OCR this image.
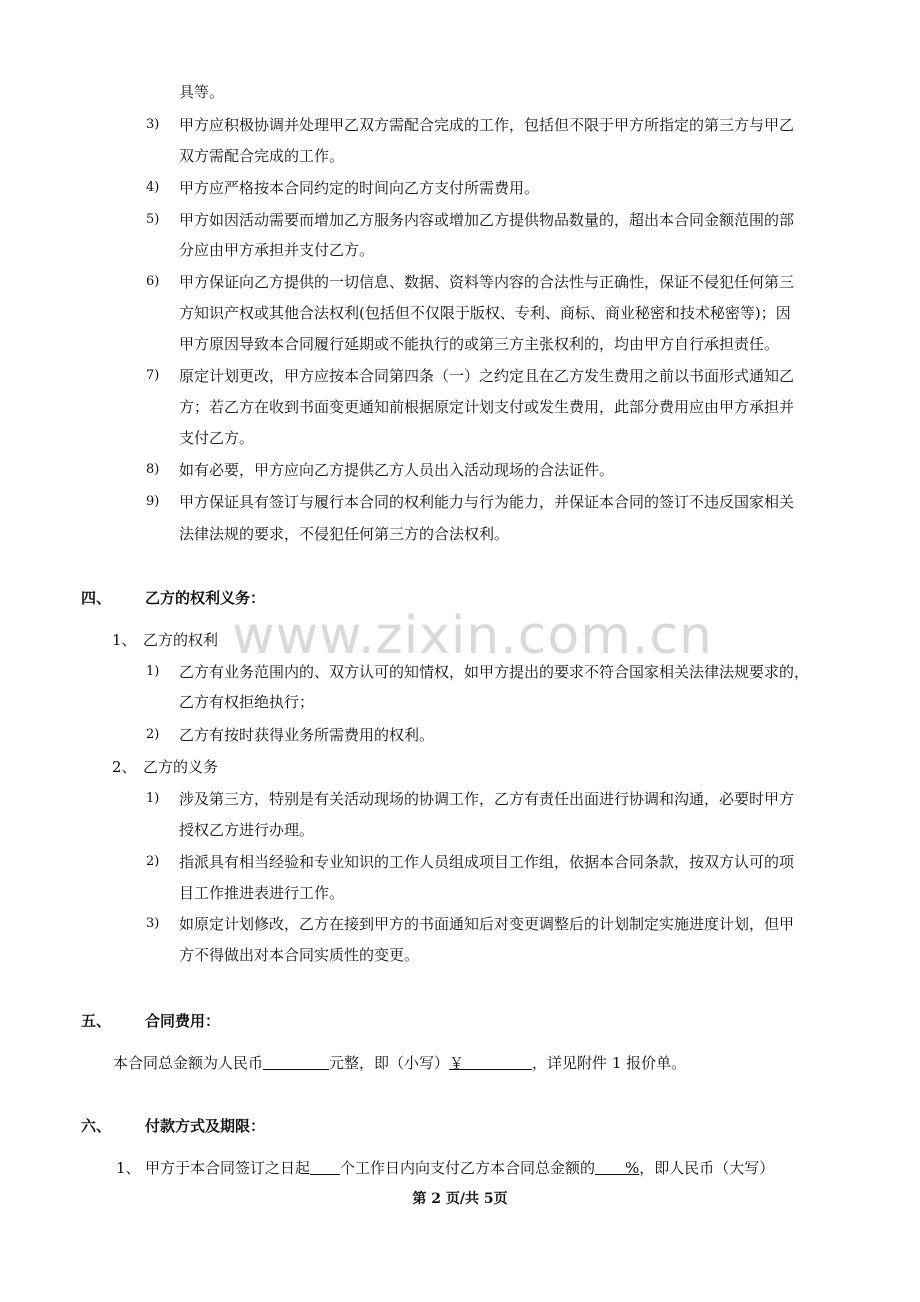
具等。
3) 甲方应积极协调并处理甲乙双方需配合完成的工作，包括但不限于甲方所指定的第三方与甲乙
双方需配合完成的工作。
4) 甲方应严格按本合同约定的时间向乙方支付所需费用。
5) 甲方如因活动需要而增加乙方服务内容或增加乙方提供物品数量的，超出本合同金额范围的部
分应由甲方承担并支付乙方。
6) 甲方保证向乙方提供的一切信息、数据、资料等内容的合法性与正确性，保证不侵犯任何第三
方知识产权或其他合法权利(包括但不仅限于版权、专利、商标、商业秘密和技术秘密等)；因
甲方原因导致本合同履行延期或不能执行的或第三方主张权利的，均由甲方自行承担责任。
7) 原定计划更改，甲方应按本合同第四条（一）之约定且在乙方发生费用之前以书面形式通知乙
方；若乙方在收到书面变更通知前根据原定计划支付或发生费用，此部分费用应由甲方承担并
支付乙方。
8) 如有必要，甲方应向乙方提供乙方人员出入活动现场的合法证件。
9) 甲方保证具有签订与履行本合同的权利能力与行为能力，并保证本合同的签订不违反国家相关
法律法规的要求，不侵犯任何第三方的合法权利。
四、 乙方的权利义务：
1、 乙方的权利
1) 乙方有业务范围内的、双方认可的知情权，如甲方提出的要求不符合国家相关法律法规要求的，
乙方有权拒绝执行；
2) 乙方有按时获得业务所需费用的权利。
2、 乙方的义务
1) 涉及第三方，特别是有关活动现场的协调工作，乙方有责任出面进行协调和沟通，必要时甲方
授权乙方进行办理。
2) 指派具有相当经验和专业知识的工作人员组成项目工作组，依据本合同条款，按双方认可的项
目工作推进表进行工作。
3) 如原定计划修改，乙方在接到甲方的书面通知后对变更调整后的计划制定实施进度计划，但甲
方不得做出对本合同实质性的变更。
五、 合同费用：
本合同总金额为人民币	元整，即（小写）￥	，详见附件 1 报价单。
六、 付款方式及期限：
1、 甲方于本合同签订之日起 个工作日内向支付乙方本合同总金额的 %，即人民币（大写）
www.zixin.com.cn
第 2 页/共 5页
